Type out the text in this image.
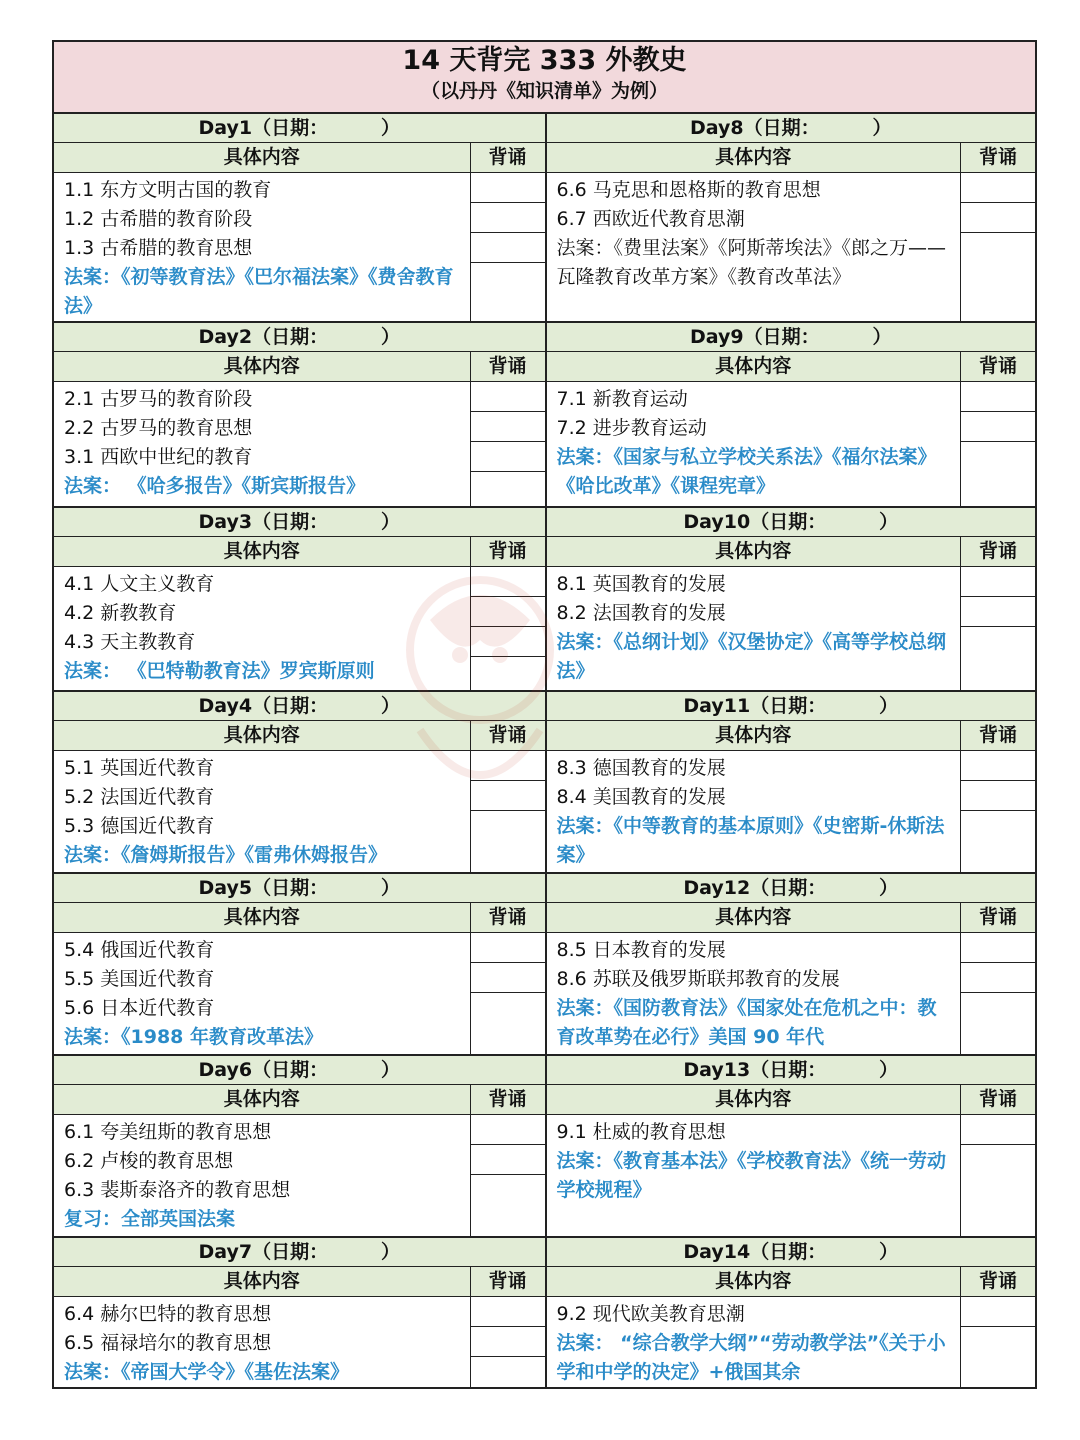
14 天背完 333 外教史
（以丹丹《知识清单》为例）
Day1（日期：        ）
具体内容	背诵
1.1 东方文明古国的教育
1.2 古希腊的教育阶段
1.3 古希腊的教育思想
法案：《初等教育法》《巴尔福法案》《费舍教育法》
Day2（日期：        ）
具体内容	背诵
2.1 古罗马的教育阶段
2.2 古罗马的教育思想
3.1 西欧中世纪的教育
法案： 《哈多报告》《斯宾斯报告》
Day3（日期：        ）
具体内容	背诵
4.1 人文主义教育
4.2 新教教育
4.3 天主教教育
法案： 《巴特勒教育法》罗宾斯原则
Day4（日期：        ）
具体内容	背诵
5.1 英国近代教育
5.2 法国近代教育
5.3 德国近代教育
法案：《詹姆斯报告》《雷弗休姆报告》
Day5（日期：        ）
具体内容	背诵
5.4 俄国近代教育
5.5 美国近代教育
5.6 日本近代教育
法案：《1988 年教育改革法》
Day6（日期：        ）
具体内容	背诵
6.1 夸美纽斯的教育思想
6.2 卢梭的教育思想
6.3 裴斯泰洛齐的教育思想
复习：全部英国法案
Day7（日期：        ）
具体内容	背诵
6.4 赫尔巴特的教育思想
6.5 福禄培尔的教育思想
法案：《帝国大学令》《基佐法案》
Day8（日期：        ）
具体内容	背诵
6.6 马克思和恩格斯的教育思想
6.7 西欧近代教育思潮
法案：《费里法案》《阿斯蒂埃法》《郎之万——瓦隆教育改革方案》《教育改革法》
Day9（日期：        ）
具体内容	背诵
7.1 新教育运动
7.2 进步教育运动
法案：《国家与私立学校关系法》《福尔法案》《哈比改革》《课程宪章》
Day10（日期：        ）
具体内容	背诵
8.1 英国教育的发展
8.2 法国教育的发展
法案：《总纲计划》《汉堡协定》《高等学校总纲法》
Day11（日期：        ）
具体内容	背诵
8.3 德国教育的发展
8.4 美国教育的发展
法案：《中等教育的基本原则》《史密斯-休斯法案》
Day12（日期：        ）
具体内容	背诵
8.5 日本教育的发展
8.6 苏联及俄罗斯联邦教育的发展
法案：《国防教育法》《国家处在危机之中：教育改革势在必行》美国 90 年代
Day13（日期：        ）
具体内容	背诵
9.1 杜威的教育思想
法案：《教育基本法》《学校教育法》《统一劳动学校规程》
Day14（日期：        ）
具体内容	背诵
9.2 现代欧美教育思潮
法案： “综合教学大纲”“劳动教学法”《关于小学和中学的决定》+俄国其余
